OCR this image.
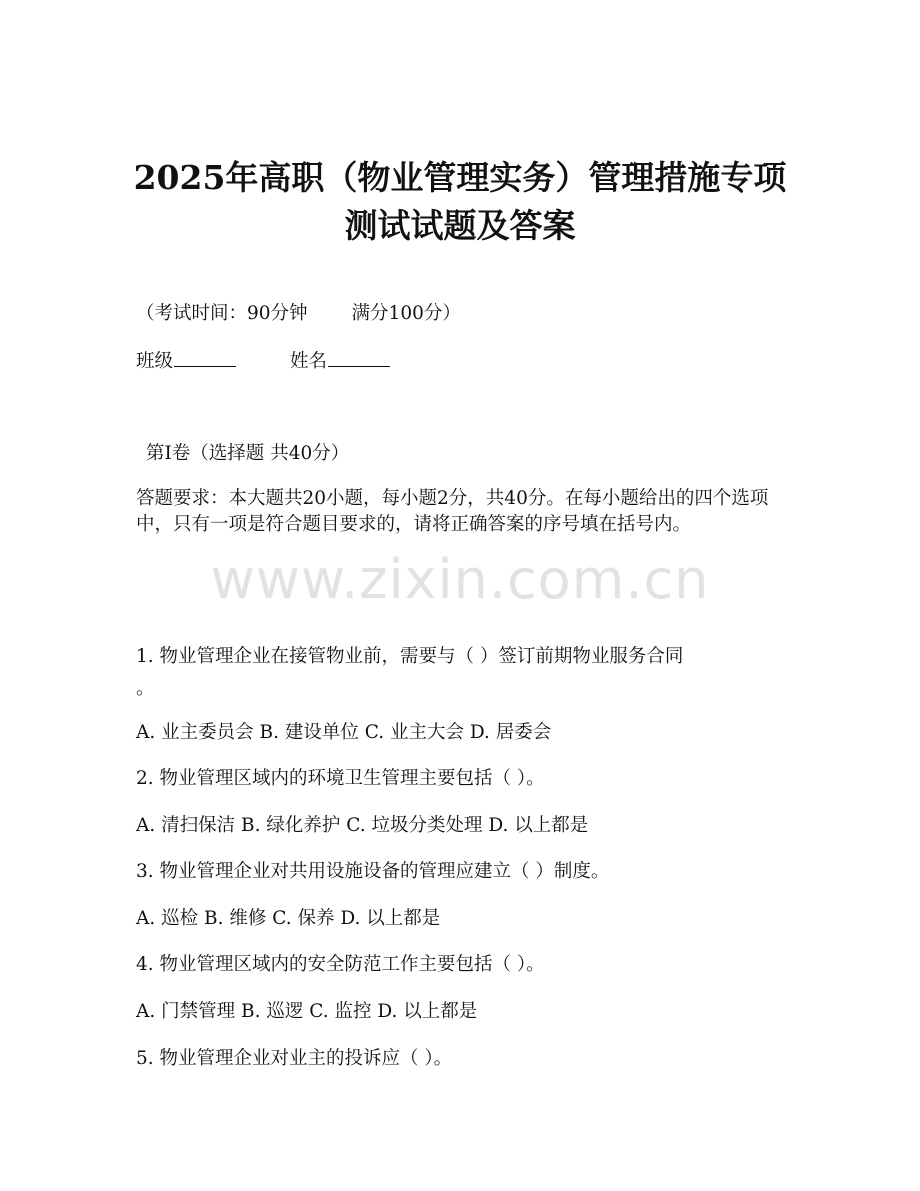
2025年高职（物业管理实务）管理措施专项
测试试题及答案
（考试时间：90分钟 满分100分）
班级	姓名
第Ⅰ卷（选择题 共40分）
答题要求：本大题共20小题，每小题2分，共40分。在每小题给出的四个选项中，只有一项是符合题目要求的，请将正确答案的序号填在括号内。
www.zixin.com.cn
1. 物业管理企业在接管物业前，需要与（ ）签订前期物业服务合同
。
A. 业主委员会 B. 建设单位 C. 业主大会 D. 居委会
2. 物业管理区域内的环境卫生管理主要包括（ ）。
A. 清扫保洁 B. 绿化养护 C. 垃圾分类处理 D. 以上都是
3. 物业管理企业对共用设施设备的管理应建立（ ）制度。
A. 巡检 B. 维修 C. 保养 D. 以上都是
4. 物业管理区域内的安全防范工作主要包括（ ）。
A. 门禁管理 B. 巡逻 C. 监控 D. 以上都是
5. 物业管理企业对业主的投诉应（ ）。
